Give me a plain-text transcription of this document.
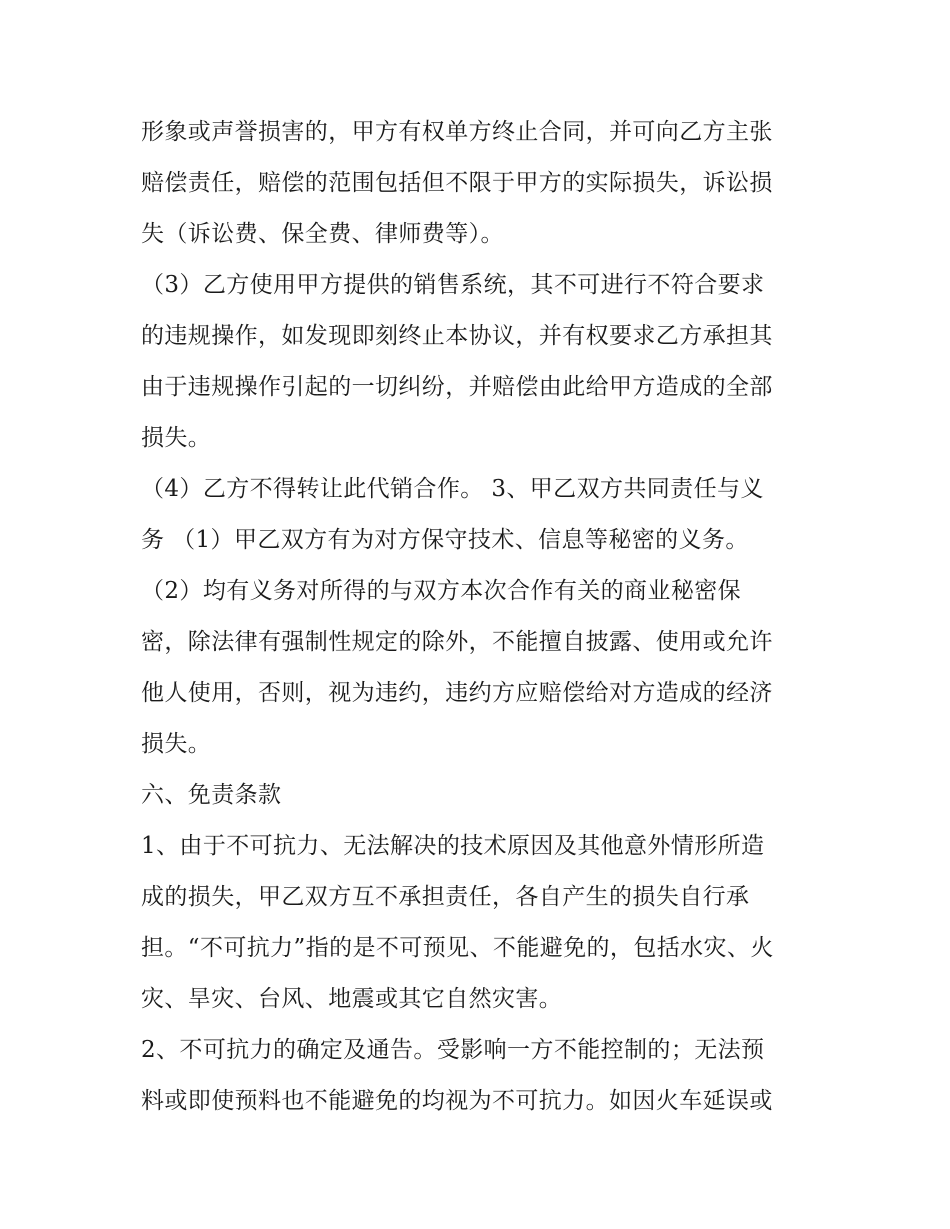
形象或声誉损害的，甲方有权单方终止合同，并可向乙方主张
赔偿责任，赔偿的范围包括但不限于甲方的实际损失，诉讼损
失（诉讼费、保全费、律师费等）。
（3）乙方使用甲方提供的销售系统，其不可进行不符合要求
的违规操作，如发现即刻终止本协议，并有权要求乙方承担其
由于违规操作引起的一切纠纷，并赔偿由此给甲方造成的全部
损失。
（4）乙方不得转让此代销合作。 3、甲乙双方共同责任与义
务 （1）甲乙双方有为对方保守技术、信息等秘密的义务。
（2）均有义务对所得的与双方本次合作有关的商业秘密保
密，除法律有强制性规定的除外，不能擅自披露、使用或允许
他人使用，否则，视为违约，违约方应赔偿给对方造成的经济
损失。
六、免责条款
1、由于不可抗力、无法解决的技术原因及其他意外情形所造
成的损失，甲乙双方互不承担责任，各自产生的损失自行承
担。“不可抗力”指的是不可预见、不能避免的，包括水灾、火
灾、旱灾、台风、地震或其它自然灾害。
2、不可抗力的确定及通告。受影响一方不能控制的；无法预
料或即使预料也不能避免的均视为不可抗力。如因火车延误或
